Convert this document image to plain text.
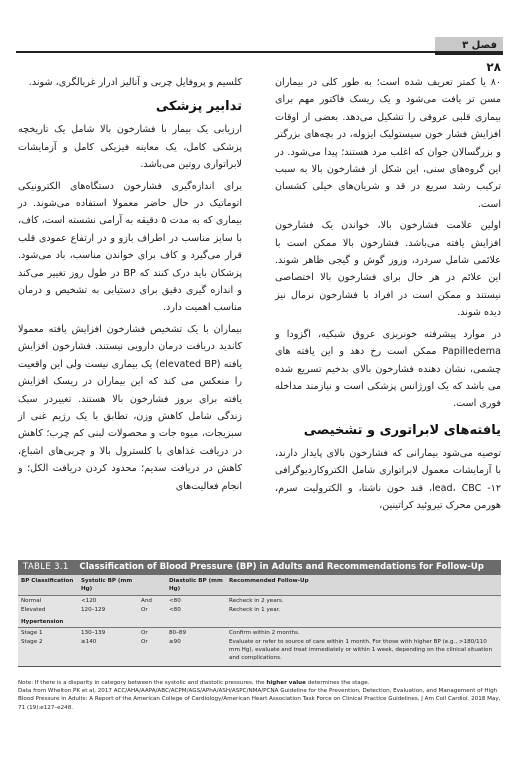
فصل ۳
۲۸

۸۰ یا کمتر تعریف شده است؛ به طور کلی در بیماران مسن تر یافت می‌شود و یک ریسک فاکتور مهم برای بیماری قلبی عروقی را تشکیل می‌دهد. بعضی از اوقات افزایش فشار خون سیستولیک ایزوله، در بچه‌های بزرگتر و بزرگسالان جوان که اغلب مرد هستند؛ پیدا می‌شود. در این گروه‌های سنی، این شکل از فشارخون بالا به سبب ترکیب رشد سریع در قد و شریان‌های خیلی کشسان است.

اولین علامت فشارخون بالا، خواندن یک فشارخون افزایش یافته می‌باشد. فشارخون بالا ممکن است با علائمی شامل سردرد، وزوز گوش و گیجی ظاهر شوند. این علائم در هر حال برای فشارخون بالا اختصاصی نیستند و ممکن است در افراد با فشارخون نرمال نیز دیده شوند.

در موارد پیشرفته خونریزی عروق شبکیه، اگزودا و Papilledema ممکن است رخ دهد و این یافته های چشمی، نشان دهنده فشارخون بالای بدخیم تسریع شده می باشد که یک اورژانس پزشکی است و نیازمند مداخله فوری است.

یافته‌های لابراتوری و تشخیصی

توصیه می‌شود بیمارانی که فشارخون بالای پایدار دارند، با آزمایشات معمول لابراتواری شامل الکتروکاردیوگرافی ۱۲- lead، CBC، قند خون ناشتا، و الکترولیت سرم، هورمن محرک تیروئید کراتینین،

کلسیم و پروفایل چربی و آنالیز ادرار غربالگری، شوند.

تدابیر پزشکی

ارزیابی یک بیمار با فشارخون بالا شامل یک تاریخچه پزشکی کامل، یک معاینه فیزیکی کامل و آزمایشات لابراتواری روتین می‌باشد.

برای اندازه‌گیری فشارخون دستگاه‌های الکترونیکی اتوماتیک در حال حاضر معمولا استفاده می‌شوند. در بیماری که به مدت ۵ دقیقه به آرامی نشسته است، کاف، با سایز مناسب در اطراف بازو و در ارتفاع عمودی قلب قرار می‌گیرد و کاف برای خواندن مناسب، باد می‌شود. پزشکان باید درک کنند که BP در طول روز تغییر می‌کند و اندازه گیری دقیق برای دستیابی به تشخیص و درمان مناسب اهمیت دارد.

بیماران با یک تشخیص فشارخون افزایش یافته معمولا کاندید دریافت درمان دارویی نیستند. فشارخون افزایش یافته (elevated BP) یک بیماری نیست ولی این واقعیت را منعکس می کند که این بیماران در ریسک افزایش یافته برای بروز فشارخون بالا هستند. تغییردر سبک زندگی شامل کاهش وزن، تطابق با یک رژیم غنی از سبزیجات، میوه جات و محصولات لبنی کم چرب؛ کاهش در دریافت غذاهای با کلسترول بالا و چربی‌های اشباع، کاهش در دریافت سدیم؛ محدود کردن دریافت الکل؛ و انجام فعالیت‌های

TABLE 3.1 Classification of Blood Pressure (BP) in Adults and Recommendations for Follow-Up
BP Classification	Systolic BP (mm Hg)		Diastolic BP (mm Hg)	Recommended Follow-Up
Normal	<120	And	<80	Recheck in 2 years.
Elevated	120–129	Or	<80	Recheck in 1 year.
Hypertension				
Stage 1	130–139	Or	80–89	Confirm within 2 months.
Stage 2	≥140	Or	≥90	Evaluate or refer to source of care within 1 month. For those with higher BP (e.g., >180/110 mm Hg), evaluate and treat immediately or within 1 week, depending on the clinical situation and complications.
Note: If there is a disparity in category between the systolic and diastolic pressures, the higher value determines the stage.
Data from Whelton PK et al, 2017 ACC/AHA/AAPA/ABC/ACPM/AGS/APhA/ASH/ASPC/NMA/PCNA Guideline for the Prevention, Detection, Evaluation, and Management of High Blood Pressure in Adults: A Report of the American College of Cardiology/American Heart Association Task Force on Clinical Practice Guidelines, J Am Coll Cardiol. 2018 May, 71 (19):e127–e248.
